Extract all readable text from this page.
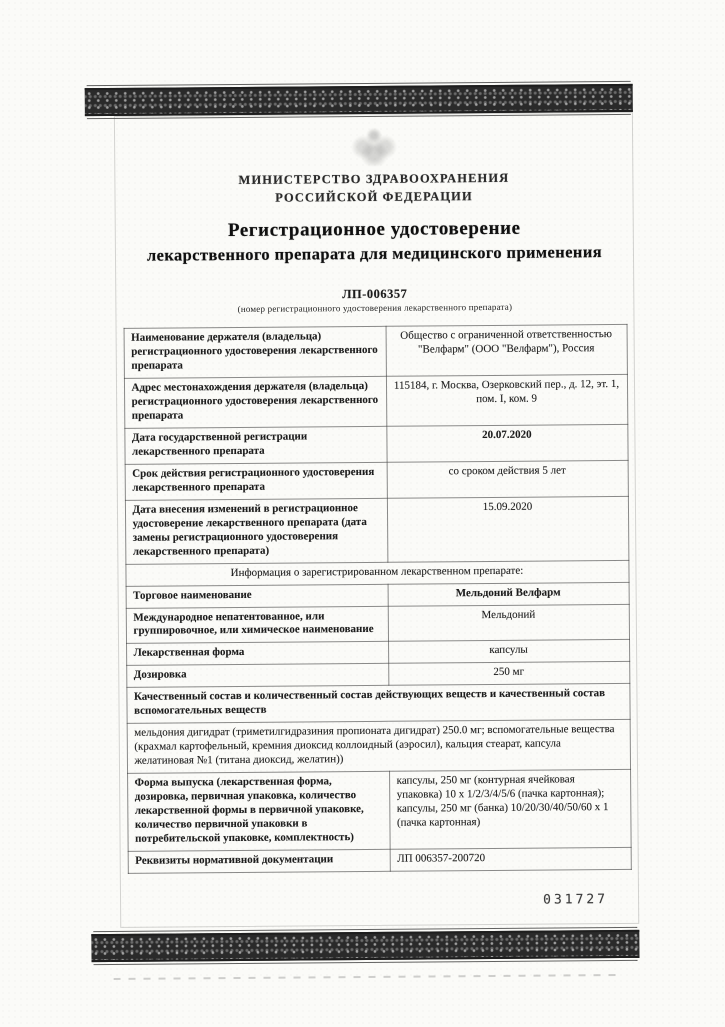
МИНИСТЕРСТВО ЗДРАВООХРАНЕНИЯ
РОССИЙСКОЙ ФЕДЕРАЦИИ
Регистрационное удостоверение
лекарственного препарата для медицинского применения
ЛП-006357
(номер регистрационного удостоверения лекарственного препарата)
Наименование держателя (владельца) регистрационного удостоверения лекарственного препарата	Общество с ограниченной ответственностью "Велфарм" (ООО "Велфарм"), Россия
Адрес местонахождения держателя (владельца) регистрационного удостоверения лекарственного препарата	115184, г. Москва, Озерковский пер., д. 12, эт. 1, пом. I, ком. 9
Дата государственной регистрации лекарственного препарата	20.07.2020
Срок действия регистрационного удостоверения лекарственного препарата	со сроком действия 5 лет
Дата внесения изменений в регистрационное удостоверение лекарственного препарата (дата замены регистрационного удостоверения лекарственного препарата)	15.09.2020
Информация о зарегистрированном лекарственном препарате:	
Торговое наименование	Мельдоний Велфарм
Международное непатентованное, или группировочное, или химическое наименование	Мельдоний
Лекарственная форма	капсулы
Дозировка	250 мг
Качественный состав и количественный состав действующих веществ и качественный состав вспомогательных веществ	
мельдония дигидрат (триметилгидразиния пропионата дигидрат) 250.0 мг; вспомогательные вещества (крахмал картофельный, кремния диоксид коллоидный (аэросил), кальция стеарат, капсула желатиновая №1 (титана диоксид, желатин))	
Форма выпуска (лекарственная форма, дозировка, первичная упаковка, количество лекарственной формы в первичной упаковке, количество первичной упаковки в потребительской упаковке, комплектность)	капсулы, 250 мг (контурная ячейковая упаковка) 10 х 1/2/3/4/5/6 (пачка картонная); капсулы, 250 мг (банка) 10/20/30/40/50/60 х 1 (пачка картонная)
Реквизиты нормативной документации	ЛП 006357-200720
031727
